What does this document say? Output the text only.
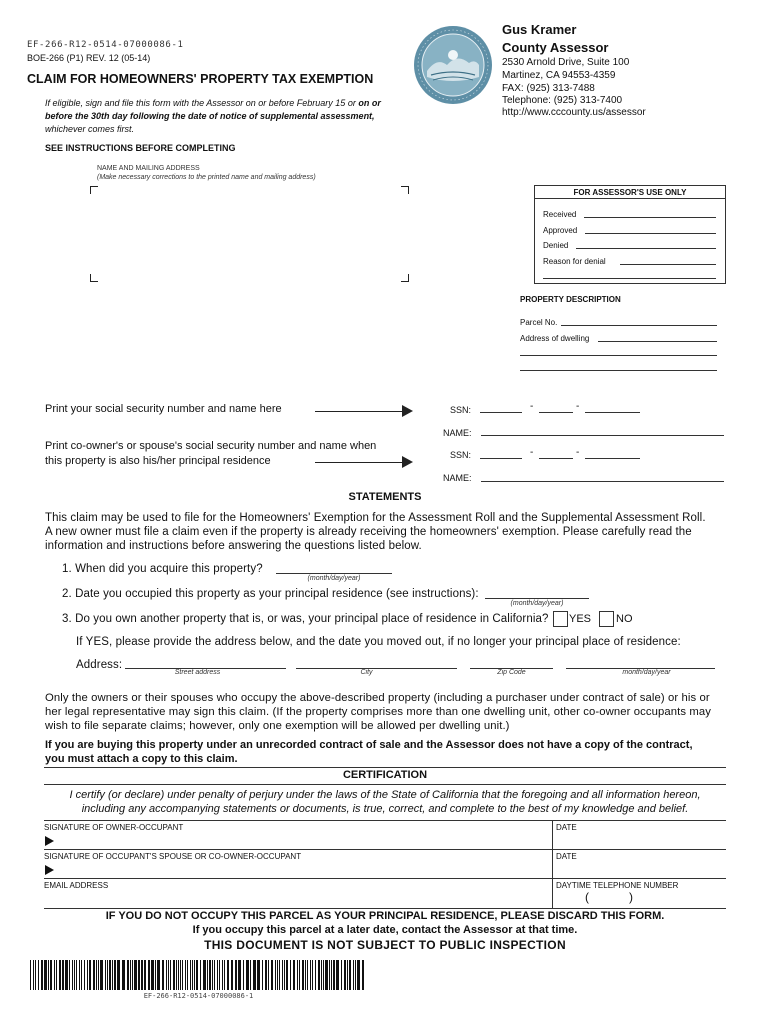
EF-266-R12-0514-07000086-1
BOE-266 (P1) REV. 12 (05-14)
CLAIM FOR HOMEOWNERS' PROPERTY TAX EXEMPTION
If eligible, sign and file this form with the Assessor on or before February 15 or on or before the 30th day following the date of notice of supplemental assessment, whichever comes first.
Gus Kramer
County Assessor
2530 Arnold Drive, Suite 100
Martinez, CA 94553-4359
FAX: (925) 313-7488
Telephone: (925) 313-7400
http://www.cccounty.us/assessor
SEE INSTRUCTIONS BEFORE COMPLETING
NAME AND MAILING ADDRESS
(Make necessary corrections to the printed name and mailing address)
FOR ASSESSOR'S USE ONLY
Received
Approved
Denied
Reason for denial
PROPERTY DESCRIPTION
Parcel No.
Address of dwelling
Print your social security number and name here	SSN:	-	-
NAME:
Print co-owner's or spouse's social security number and name when
this property is also his/her principal residence	SSN:	-	-
NAME:
STATEMENTS
This claim may be used to file for the Homeowners' Exemption for the Assessment Roll and the Supplemental Assessment Roll.
A new owner must file a claim even if the property is already receiving the homeowners' exemption. Please carefully read the
information and instructions before answering the questions listed below.
1. When did you acquire this property?
(month/day/year)
2. Date you occupied this property as your principal residence (see instructions):
(month/day/year)
3. Do you own another property that is, or was, your principal place of residence in California? YES NO
If YES, please provide the address below, and the date you moved out, if no longer your principal place of residence:
Address:
Street address	City	Zip Code	month/day/year
Only the owners or their spouses who occupy the above-described property (including a purchaser under contract of sale) or his or
her legal representative may sign this claim. (If the property comprises more than one dwelling unit, other co-owner occupants may
wish to file separate claims; however, only one exemption will be allowed per dwelling unit.)
If you are buying this property under an unrecorded contract of sale and the Assessor does not have a copy of the contract,
you must attach a copy to this claim.
CERTIFICATION
I certify (or declare) under penalty of perjury under the laws of the State of California that the foregoing and all information hereon,
including any accompanying statements or documents, is true, correct, and complete to the best of my knowledge and belief.
SIGNATURE OF OWNER-OCCUPANT	DATE
SIGNATURE OF OCCUPANT'S SPOUSE OR CO-OWNER-OCCUPANT	DATE
EMAIL ADDRESS	DAYTIME TELEPHONE NUMBER
(            )
IF YOU DO NOT OCCUPY THIS PARCEL AS YOUR PRINCIPAL RESIDENCE, PLEASE DISCARD THIS FORM.
If you occupy this parcel at a later date, contact the Assessor at that time.
THIS DOCUMENT IS NOT SUBJECT TO PUBLIC INSPECTION
EF-266-R12-0514-07000086-1
